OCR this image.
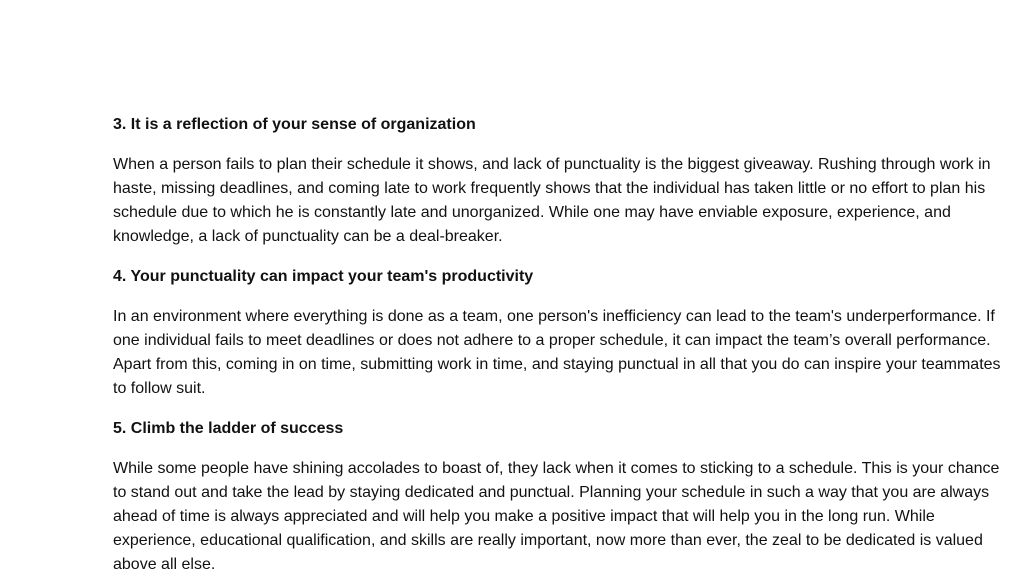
3. It is a reflection of your sense of organization

When a person fails to plan their schedule it shows, and lack of punctuality is the biggest giveaway. Rushing through work in haste, missing deadlines, and coming late to work frequently shows that the individual has taken little or no effort to plan his schedule due to which he is constantly late and unorganized. While one may have enviable exposure, experience, and knowledge, a lack of punctuality can be a deal-breaker.

4. Your punctuality can impact your team's productivity

In an environment where everything is done as a team, one person's inefficiency can lead to the team's underperformance. If one individual fails to meet deadlines or does not adhere to a proper schedule, it can impact the team’s overall performance. Apart from this, coming in on time, submitting work in time, and staying punctual in all that you do can inspire your teammates to follow suit.

5. Climb the ladder of success

While some people have shining accolades to boast of, they lack when it comes to sticking to a schedule. This is your chance to stand out and take the lead by staying dedicated and punctual. Planning your schedule in such a way that you are always ahead of time is always appreciated and will help you make a positive impact that will help you in the long run. While experience, educational qualification, and skills are really important, now more than ever, the zeal to be dedicated is valued above all else.
